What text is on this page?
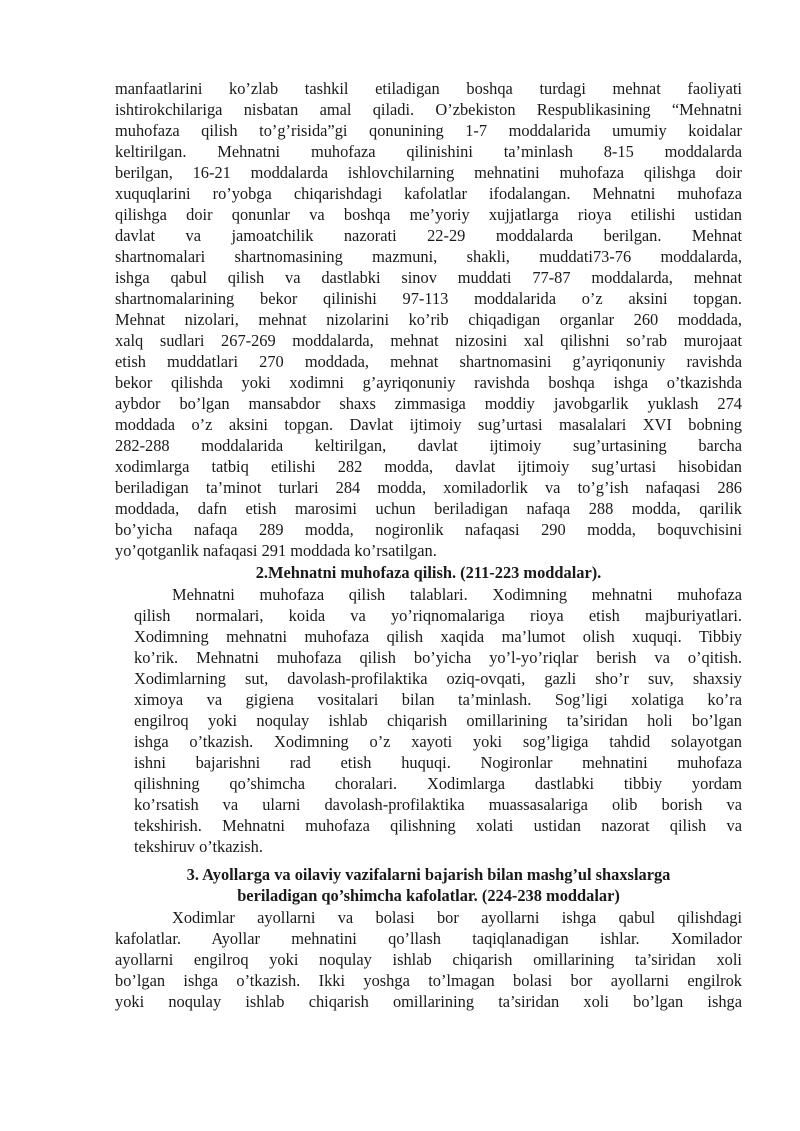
manfaatlarini ko’zlab tashkil etiladigan boshqa turdagi mehnat faoliyati
ishtirokchilariga nisbatan amal qiladi. O’zbekiston Respublikasining “Mehnatni
muhofaza qilish to’g’risida”gi qonunining 1-7 moddalarida umumiy koidalar
keltirilgan. Mehnatni muhofaza qilinishini ta’minlash 8-15 moddalarda
berilgan, 16-21 moddalarda ishlovchilarning mehnatini muhofaza qilishga doir
xuquqlarini ro’yobga chiqarishdagi kafolatlar ifodalangan. Mehnatni muhofaza
qilishga doir qonunlar va boshqa me’yoriy xujjatlarga rioya etilishi ustidan
davlat va jamoatchilik nazorati 22-29 moddalarda berilgan. Mehnat
shartnomalari shartnomasining mazmuni, shakli, muddati73-76 moddalarda,
ishga qabul qilish va dastlabki sinov muddati 77-87 moddalarda, mehnat
shartnomalarining bekor qilinishi 97-113 moddalarida o’z aksini topgan.
Mehnat nizolari, mehnat nizolarini ko’rib chiqadigan organlar 260 moddada,
xalq sudlari 267-269 moddalarda, mehnat nizosini xal qilishni so’rab murojaat
etish muddatlari 270 moddada, mehnat shartnomasini g’ayriqonuniy ravishda
bekor qilishda yoki xodimni g’ayriqonuniy ravishda boshqa ishga o’tkazishda
aybdor bo’lgan mansabdor shaxs zimmasiga moddiy javobgarlik yuklash 274
moddada o’z aksini topgan. Davlat ijtimoiy sug’urtasi masalalari XVI bobning
282-288 moddalarida keltirilgan, davlat ijtimoiy sug’urtasining barcha
xodimlarga tatbiq etilishi 282 modda, davlat ijtimoiy sug’urtasi hisobidan
beriladigan ta’minot turlari 284 modda, xomiladorlik va to’g’ish nafaqasi 286
moddada, dafn etish marosimi uchun beriladigan nafaqa 288 modda, qarilik
bo’yicha nafaqa 289 modda, nogironlik nafaqasi 290 modda, boquvchisini
yo’qotganlik nafaqasi 291 moddada ko’rsatilgan.
2.Mehnatni muhofaza qilish. (211-223 moddalar).
Mehnatni muhofaza qilish talablari. Xodimning mehnatni muhofaza
qilish normalari, koida va yo’riqnomalariga rioya etish majburiyatlari.
Xodimning mehnatni muhofaza qilish xaqida ma’lumot olish xuquqi. Tibbiy
ko’rik. Mehnatni muhofaza qilish bo’yicha yo’l-yo’riqlar berish va o’qitish.
Xodimlarning sut, davolash-profilaktika oziq-ovqati, gazli sho’r suv, shaxsiy
ximoya va gigiena vositalari bilan ta’minlash. Sog’ligi xolatiga ko’ra
engilroq yoki noqulay ishlab chiqarish omillarining ta’siridan holi bo’lgan
ishga o’tkazish. Xodimning o’z xayoti yoki sog’ligiga tahdid solayotgan
ishni bajarishni rad etish huquqi. Nogironlar mehnatini muhofaza
qilishning qo’shimcha choralari. Xodimlarga dastlabki tibbiy yordam
ko’rsatish va ularni davolash-profilaktika muassasalariga olib borish va
tekshirish. Mehnatni muhofaza qilishning xolati ustidan nazorat qilish va
tekshiruv o’tkazish.
3. Ayollarga va oilaviy vazifalarni bajarish bilan mashg’ul shaxslarga
beriladigan qo’shimcha kafolatlar. (224-238 moddalar)
Xodimlar ayollarni va bolasi bor ayollarni ishga qabul qilishdagi
kafolatlar. Ayollar mehnatini qo’llash taqiqlanadigan ishlar. Xomilador
ayollarni engilroq yoki noqulay ishlab chiqarish omillarining ta’siridan xoli
bo’lgan ishga o’tkazish. Ikki yoshga to’lmagan bolasi bor ayollarni engilrok
yoki noqulay ishlab chiqarish omillarining ta’siridan xoli bo’lgan ishga
